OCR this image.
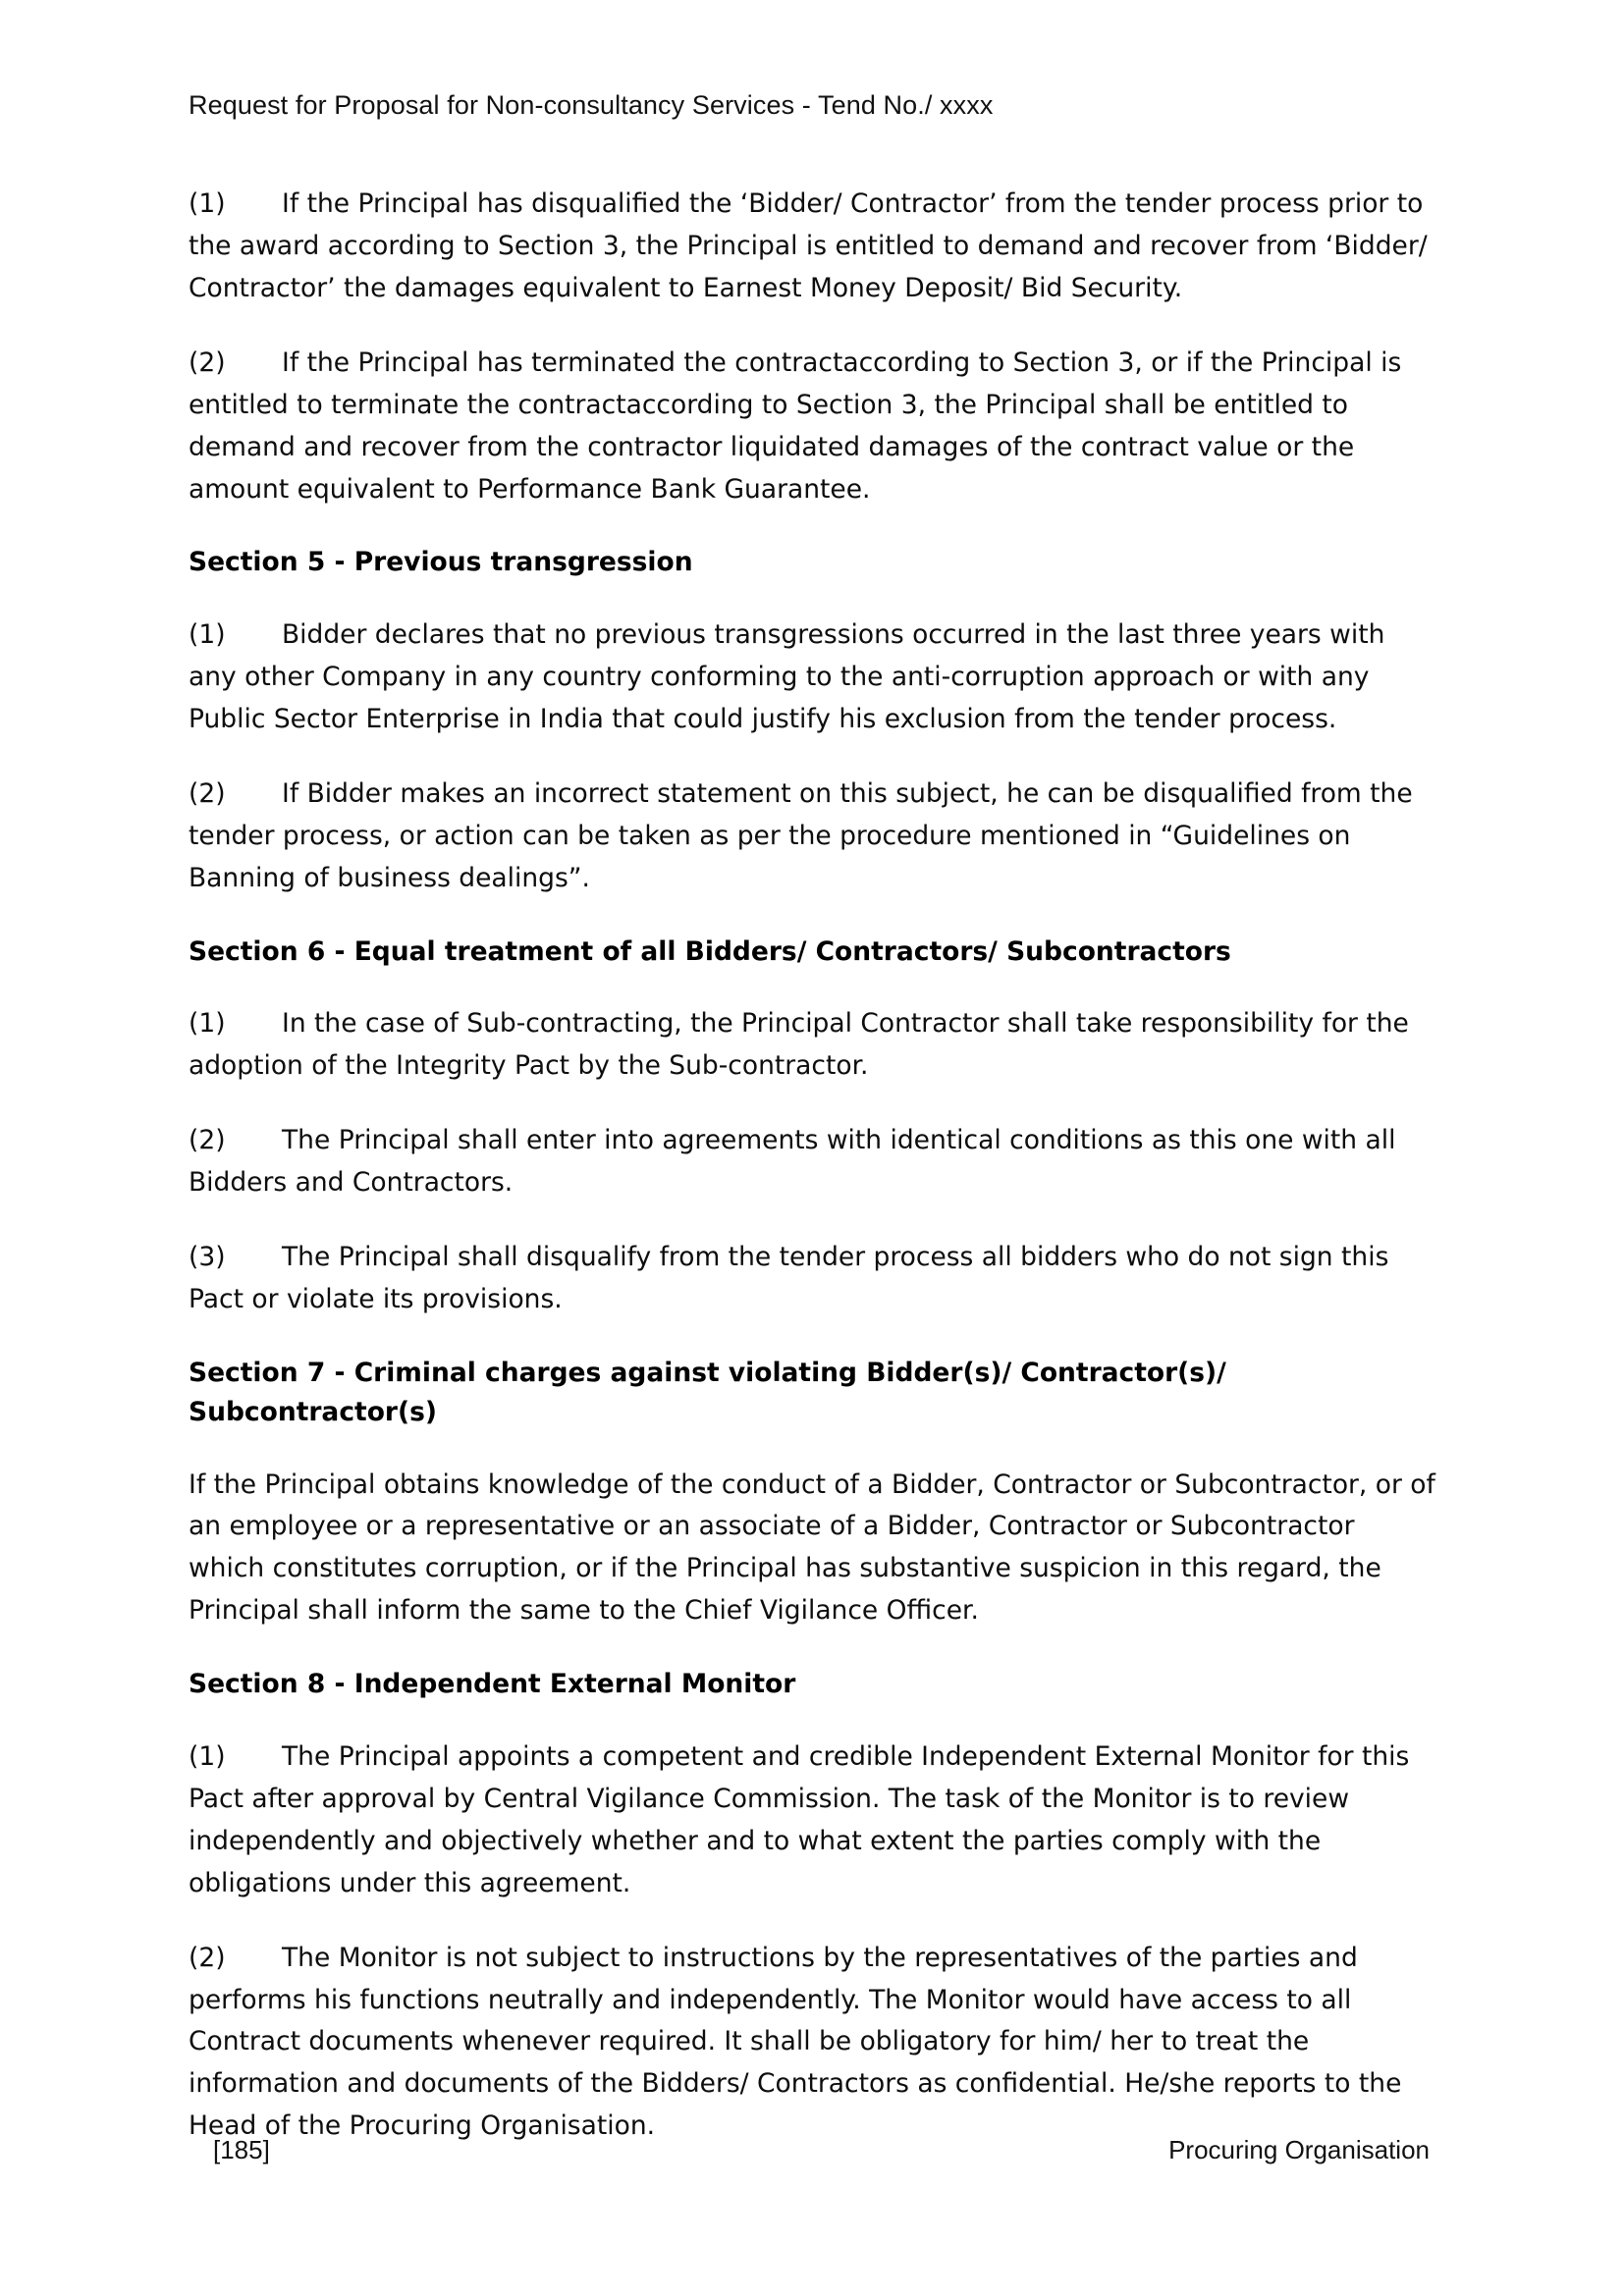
Request for Proposal for Non-consultancy Services - Tend No./ xxxx

(1) If the Principal has disqualified the ‘Bidder/ Contractor’ from the tender process prior to the award according to Section 3, the Principal is entitled to demand and recover from ‘Bidder/ Contractor’ the damages equivalent to Earnest Money Deposit/ Bid Security.

(2) If the Principal has terminated the contractaccording to Section 3, or if the Principal is entitled to terminate the contractaccording to Section 3, the Principal shall be entitled to demand and recover from the contractor liquidated damages of the contract value or the amount equivalent to Performance Bank Guarantee.

Section 5 - Previous transgression

(1) Bidder declares that no previous transgressions occurred in the last three years with any other Company in any country conforming to the anti-corruption approach or with any Public Sector Enterprise in India that could justify his exclusion from the tender process.

(2) If Bidder makes an incorrect statement on this subject, he can be disqualified from the tender process, or action can be taken as per the procedure mentioned in “Guidelines on Banning of business dealings”.

Section 6 - Equal treatment of all Bidders/ Contractors/ Subcontractors

(1) In the case of Sub-contracting, the Principal Contractor shall take responsibility for the adoption of the Integrity Pact by the Sub-contractor.

(2) The Principal shall enter into agreements with identical conditions as this one with all Bidders and Contractors.

(3) The Principal shall disqualify from the tender process all bidders who do not sign this Pact or violate its provisions.

Section 7 - Criminal charges against violating Bidder(s)/ Contractor(s)/ Subcontractor(s)

If the Principal obtains knowledge of the conduct of a Bidder, Contractor or Subcontractor, or of an employee or a representative or an associate of a Bidder, Contractor or Subcontractor which constitutes corruption, or if the Principal has substantive suspicion in this regard, the Principal shall inform the same to the Chief Vigilance Officer.

Section 8 - Independent External Monitor

(1) The Principal appoints a competent and credible Independent External Monitor for this Pact after approval by Central Vigilance Commission. The task of the Monitor is to review independently and objectively whether and to what extent the parties comply with the obligations under this agreement.

(2) The Monitor is not subject to instructions by the representatives of the parties and performs his functions neutrally and independently. The Monitor would have access to all Contract documents whenever required. It shall be obligatory for him/ her to treat the information and documents of the Bidders/ Contractors as confidential. He/she reports to the Head of the Procuring Organisation.

[185]	Procuring Organisation
